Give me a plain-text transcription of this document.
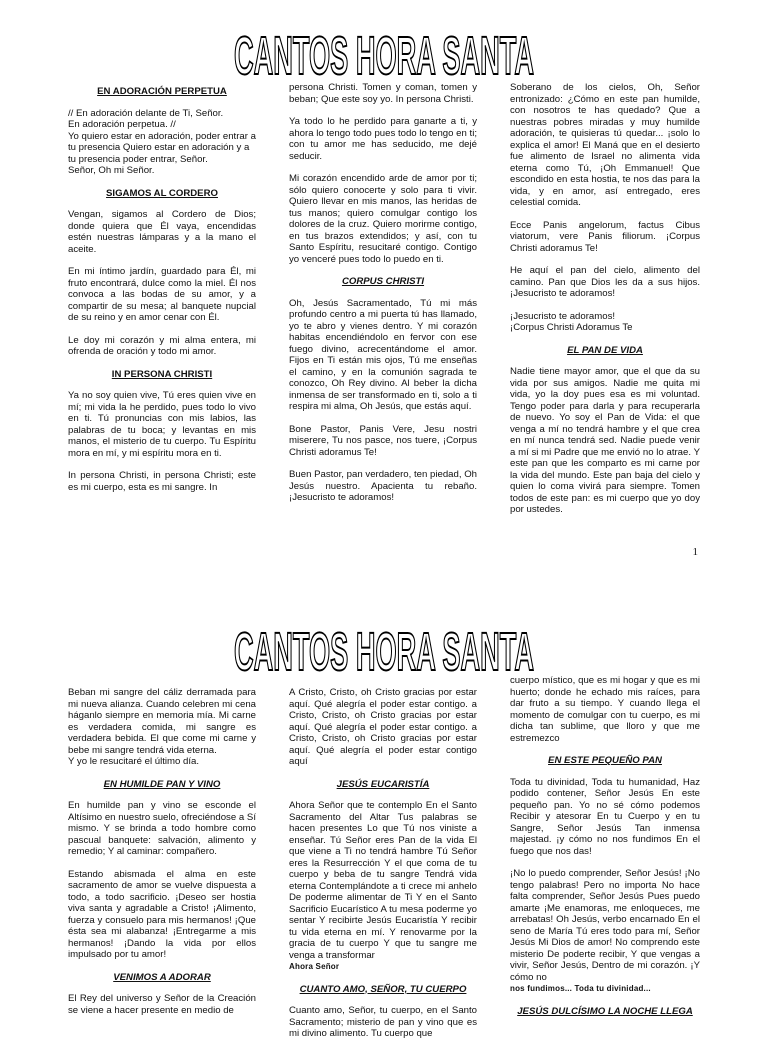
CANTOS HORA SANTA
EN ADORACIÓN PERPETUA

// En adoración delante de Ti, Señor.
En adoración perpetua. //
Yo quiero estar en adoración, poder entrar a tu presencia Quiero estar en adoración y a tu presencia poder entrar, Señor.
Señor, Oh mi Señor.

SIGAMOS AL CORDERO

Vengan, sigamos al Cordero de Dios; donde quiera que Él vaya, encendidas estén nuestras lámparas y a la mano el aceite.

En mi íntimo jardín, guardado para Él, mi fruto encontrará, dulce como la miel. Él nos convoca a las bodas de su amor, y a compartir de su mesa; al banquete nupcial de su reino y en amor cenar con Él.

Le doy mi corazón y mi alma entera, mi ofrenda de oración y todo mi amor.

IN PERSONA CHRISTI

Ya no soy quien vive, Tú eres quien vive en mí; mi vida la he perdido, pues todo lo vivo en ti. Tú pronuncias con mis labios, las palabras de tu boca; y levantas en mis manos, el misterio de tu cuerpo. Tu Espíritu mora en mí, y mi espíritu mora en ti.

In persona Christi, in persona Christi; este es mi cuerpo, esta es mi sangre. In

persona Christi. Tomen y coman, tomen y beban; Que este soy yo. In persona Christi.

Ya todo lo he perdido para ganarte a ti, y ahora lo tengo todo pues todo lo tengo en ti; con tu amor me has seducido, me dejé seducir.

Mi corazón encendido arde de amor por ti; sólo quiero conocerte y solo para ti vivir. Quiero llevar en mis manos, las heridas de tus manos; quiero comulgar contigo los dolores de la cruz. Quiero morirme contigo, en tus brazos extendidos; y así, con tu Santo Espíritu, resucitaré contigo. Contigo yo venceré pues todo lo puedo en ti.

CORPUS CHRISTI

Oh, Jesús Sacramentado, Tú mi más profundo centro a mi puerta tú has llamado, yo te abro y vienes dentro. Y mi corazón habitas encendiéndolo en fervor con ese fuego divino, acrecentándome el amor. Fijos en Ti están mis ojos, Tú me enseñas el camino, y en la comunión sagrada te conozco, Oh Rey divino. Al beber la dicha inmensa de ser transformado en ti, solo a ti respira mi alma, Oh Jesús, que estás aquí.

Bone Pastor, Panis Vere, Jesu nostri miserere, Tu nos pasce, nos tuere, ¡Corpus Christi adoramus Te!

Buen Pastor, pan verdadero, ten piedad, Oh Jesús nuestro. Apacienta tu rebaño. ¡Jesucristo te adoramos!

Soberano de los cielos, Oh, Señor entronizado: ¿Cómo en este pan humilde, con nosotros te has quedado? Que a nuestras pobres miradas y muy humilde adoración, te quisieras tú quedar... ¡solo lo explica el amor! El Maná que en el desierto fue alimento de Israel no alimenta vida eterna como Tú, ¡Oh Emmanuel! Que escondido en esta hostia, te nos das para la vida, y en amor, así entregado, eres celestial comida.

Ecce Panis angelorum, factus Cibus viatorum, vere Panis filiorum. ¡Corpus Christi adoramus Te!

He aquí el pan del cielo, alimento del camino. Pan que Dios les da a sus hijos. ¡Jesucristo te adoramos!

¡Jesucristo te adoramos!
¡Corpus Christi Adoramus Te

EL PAN DE VIDA

Nadie tiene mayor amor, que el que da su vida por sus amigos. Nadie me quita mi vida, yo la doy pues esa es mi voluntad. Tengo poder para darla y para recuperarla de nuevo. Yo soy el Pan de Vida: el que venga a mí no tendrá hambre y el que crea en mí nunca tendrá sed. Nadie puede venir a mí si mi Padre que me envió no lo atrae. Y este pan que les comparto es mi carne por la vida del mundo. Este pan baja del cielo y quien lo coma vivirá para siempre. Tomen todos de este pan: es mi cuerpo que yo doy por ustedes.

1
CANTOS HORA SANTA

Beban mi sangre del cáliz derramada para mi nueva alianza. Cuando celebren mi cena háganlo siempre en memoria mía. Mi carne es verdadera comida, mi sangre es verdadera bebida. El que come mi carne y bebe mi sangre tendrá vida eterna.
Y yo le resucitaré el último día.

EN HUMILDE PAN Y VINO

En humilde pan y vino se esconde el Altísimo en nuestro suelo, ofreciéndose a Sí mismo. Y se brinda a todo hombre como pascual banquete: salvación, alimento y remedio; Y al caminar: compañero.

Estando abismada el alma en este sacramento de amor se vuelve dispuesta a todo, a todo sacrificio. ¡Deseo ser hostia viva santa y agradable a Cristo! ¡Alimento, fuerza y consuelo para mis hermanos! ¡Que ésta sea mi alabanza! ¡Entregarme a mis hermanos! ¡Dando la vida por ellos impulsado por tu amor!

VENIMOS A ADORAR

El Rey del universo y Señor de la Creación se viene a hacer presente en medio de

A Cristo, Cristo, oh Cristo gracias por estar aquí. Qué alegría el poder estar contigo. a Cristo, Cristo, oh Cristo gracias por estar aquí. Qué alegría el poder estar contigo. a Cristo, Cristo, oh Cristo gracias por estar aquí. Qué alegría el poder estar contigo aquí

JESÚS EUCARISTÍA

Ahora Señor que te contemplo En el Santo Sacramento del Altar Tus palabras se hacen presentes Lo que Tú nos viniste a enseñar. Tú Señor eres Pan de la vida El que viene a Ti no tendrá hambre Tú Señor eres la Resurrección Y el que coma de tu cuerpo y beba de tu sangre Tendrá vida eterna Contemplándote a ti crece mi anhelo De poderme alimentar de Ti Y en el Santo Sacrificio Eucarístico A tu mesa poderme yo sentar Y recibirte Jesús Eucaristía Y recibir tu vida eterna en mí. Y renovarme por la gracia de tu cuerpo Y que tu sangre me venga a transformar

Ahora Señor

CUANTO AMO, SEÑOR, TU CUERPO

Cuanto amo, Señor, tu cuerpo, en el Santo Sacramento; misterio de pan y vino que es mi divino alimento. Tu cuerpo que

cuerpo místico, que es mi hogar y que es mi huerto; donde he echado mis raíces, para dar fruto a su tiempo. Y cuando llega el momento de comulgar con tu cuerpo, es mi dicha tan sublime, que lloro y que me estremezco

EN ESTE PEQUEÑO PAN

Toda tu divinidad, Toda tu humanidad, Haz podido contener, Señor Jesús En este pequeño pan. Yo no sé cómo podemos Recibir y atesorar En tu Cuerpo y en tu Sangre, Señor Jesús Tan inmensa majestad. ¡y cómo no nos fundimos En el fuego que nos das!

¡No lo puedo comprender, Señor Jesús! ¡No tengo palabras! Pero no importa No hace falta comprender, Señor Jesús Pues puedo amarte ¡Me enamoras, me enloqueces, me arrebatas! Oh Jesús, verbo encarnado En el seno de María Tú eres todo para mí, Señor Jesús Mi Dios de amor! No comprendo este misterio De poderte recibir, Y que vengas a vivir, Señor Jesús, Dentro de mi corazón. ¡Y cómo no

nos fundimos... Toda tu divinidad...

JESÚS DULCÍSIMO LA NOCHE LLEGA
